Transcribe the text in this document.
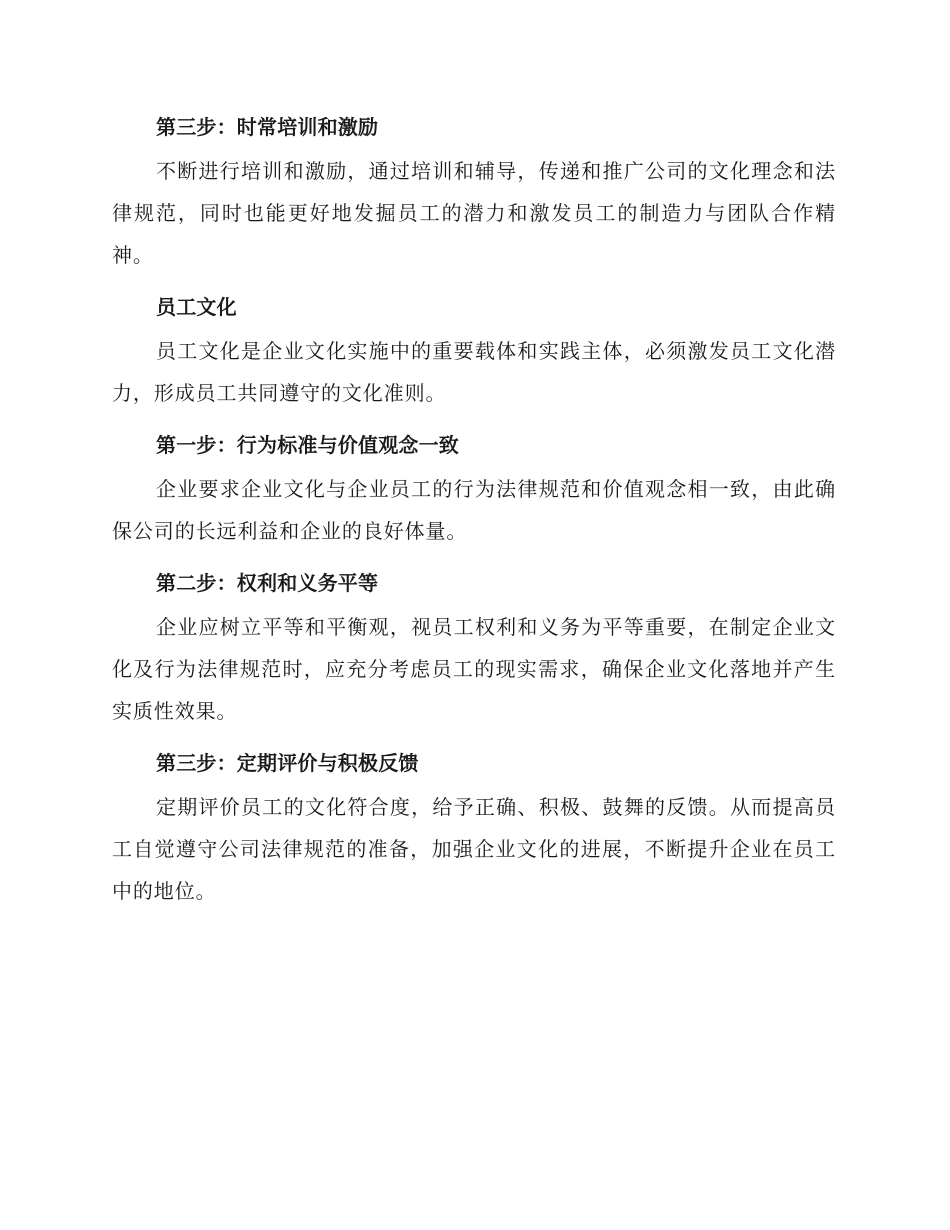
第三步：时常培训和激励

不断进行培训和激励，通过培训和辅导，传递和推广公司的文化理念和法律规范，同时也能更好地发掘员工的潜力和激发员工的制造力与团队合作精神。

员工文化

员工文化是企业文化实施中的重要载体和实践主体，必须激发员工文化潜力，形成员工共同遵守的文化准则。

第一步：行为标准与价值观念一致

企业要求企业文化与企业员工的行为法律规范和价值观念相一致，由此确保公司的长远利益和企业的良好体量。

第二步：权利和义务平等

企业应树立平等和平衡观，视员工权利和义务为平等重要，在制定企业文化及行为法律规范时，应充分考虑员工的现实需求，确保企业文化落地并产生实质性效果。

第三步：定期评价与积极反馈

定期评价员工的文化符合度，给予正确、积极、鼓舞的反馈。从而提高员工自觉遵守公司法律规范的准备，加强企业文化的进展，不断提升企业在员工中的地位。
